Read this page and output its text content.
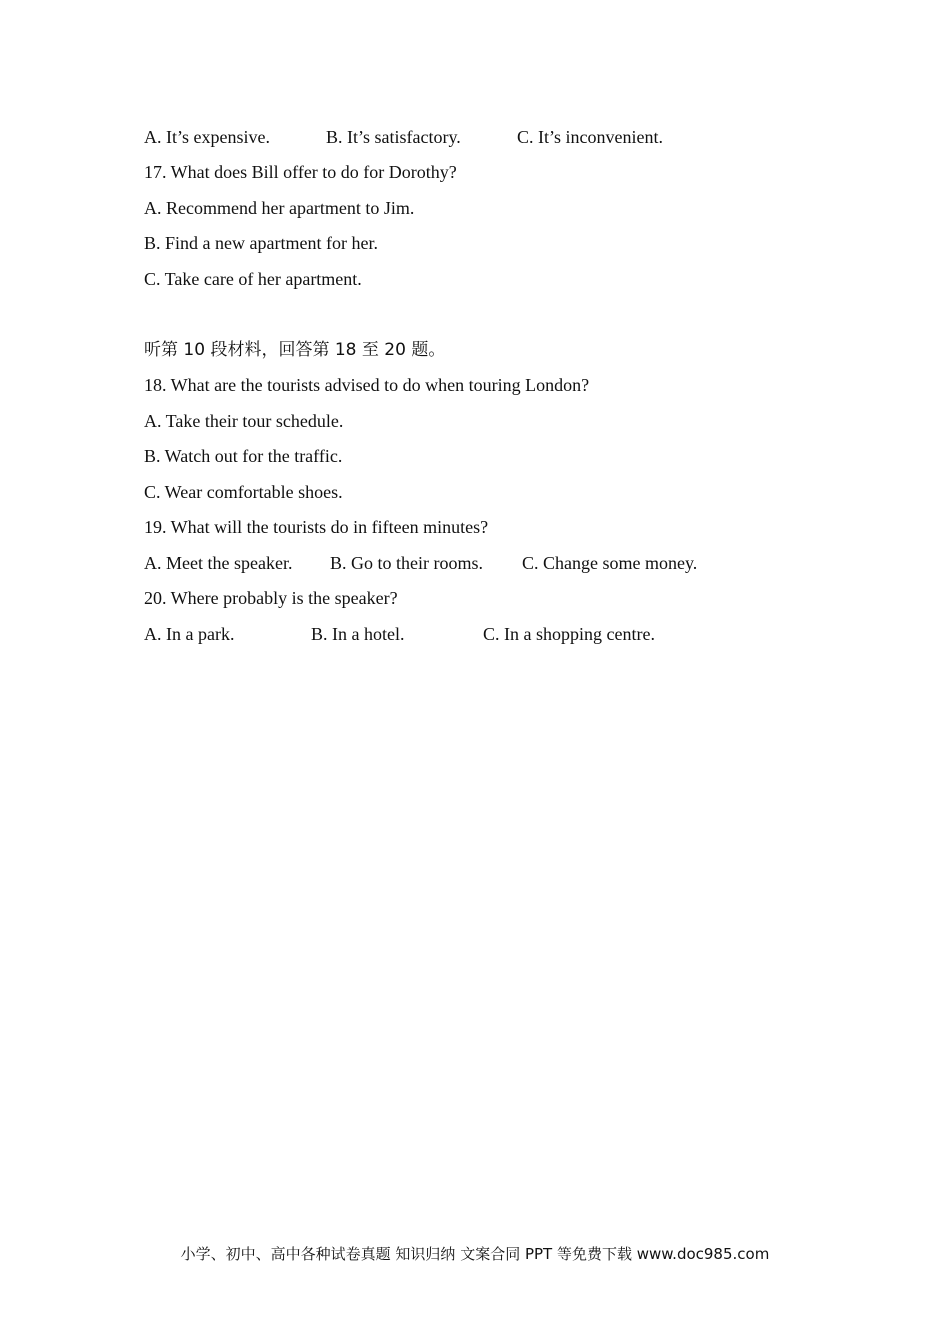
A. It’s expensive.	B. It’s satisfactory.	C. It’s inconvenient.
17. What does Bill offer to do for Dorothy?
A. Recommend her apartment to Jim.
B. Find a new apartment for her.
C. Take care of her apartment.
听第 10 段材料，回答第 18 至 20 题。
18. What are the tourists advised to do when touring London?
A. Take their tour schedule.
B. Watch out for the traffic.
C. Wear comfortable shoes.
19. What will the tourists do in fifteen minutes?
A. Meet the speaker. B. Go to their rooms. C. Change some money.
20. Where probably is the speaker?
A. In a park.	B. In a hotel.	C. In a shopping centre.
小学、初中、高中各种试卷真题 知识归纳 文案合同 PPT 等免费下载 www.doc985.com
